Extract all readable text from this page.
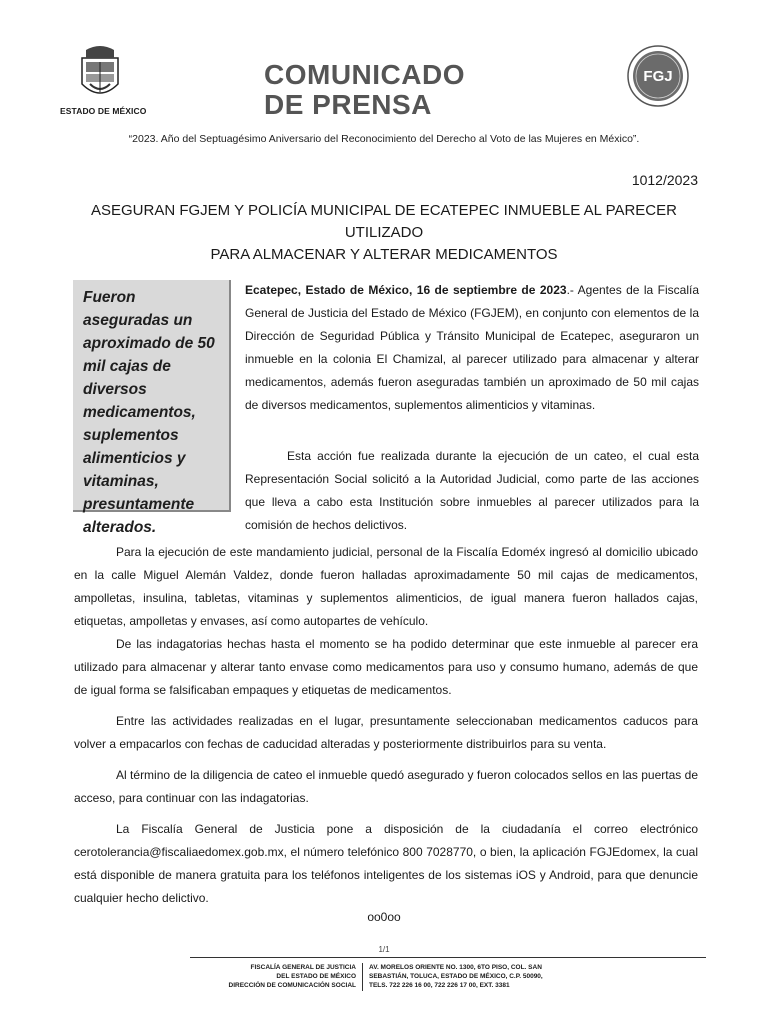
ESTADO DE MÉXICO
COMUNICADO
DE PRENSA
FGJ
“2023. Año del Septuagésimo Aniversario del Reconocimiento del Derecho al Voto de las Mujeres en México”.
1012/2023
ASEGURAN FGJEM Y POLICÍA MUNICIPAL DE ECATEPEC INMUEBLE AL PARECER UTILIZADO
PARA ALMACENAR Y ALTERAR MEDICAMENTOS
Fueron aseguradas un aproximado de 50 mil cajas de diversos medicamentos, suplementos alimenticios y vitaminas, presuntamente alterados.
Ecatepec, Estado de México, 16 de septiembre de 2023.- Agentes de la Fiscalía General de Justicia del Estado de México (FGJEM), en conjunto con elementos de la Dirección de Seguridad Pública y Tránsito Municipal de Ecatepec, aseguraron un inmueble en la colonia El Chamizal, al parecer utilizado para almacenar y alterar medicamentos, además fueron aseguradas también un aproximado de 50 mil cajas de diversos medicamentos, suplementos alimenticios y vitaminas.
Esta acción fue realizada durante la ejecución de un cateo, el cual esta Representación Social solicitó a la Autoridad Judicial, como parte de las acciones que lleva a cabo esta Institución sobre inmuebles al parecer utilizados para la comisión de hechos delictivos.
Para la ejecución de este mandamiento judicial, personal de la Fiscalía Edoméx ingresó al domicilio ubicado en la calle Miguel Alemán Valdez, donde fueron halladas aproximadamente 50 mil cajas de medicamentos, ampolletas, insulina, tabletas, vitaminas y suplementos alimenticios, de igual manera fueron hallados cajas, etiquetas, ampolletas y envases, así como autopartes de vehículo.
De las indagatorias hechas hasta el momento se ha podido determinar que este inmueble al parecer era utilizado para almacenar y alterar tanto envase como medicamentos para uso y consumo humano, además de que de igual forma se falsificaban empaques y etiquetas de medicamentos.
Entre las actividades realizadas en el lugar, presuntamente seleccionaban medicamentos caducos para volver a empacarlos con fechas de caducidad alteradas y posteriormente distribuirlos para su venta.
Al término de la diligencia de cateo el inmueble quedó asegurado y fueron colocados sellos en las puertas de acceso, para continuar con las indagatorias.
La Fiscalía General de Justicia pone a disposición de la ciudadanía el correo electrónico cerotolerancia@fiscaliaedomex.gob.mx, el número telefónico 800 7028770, o bien, la aplicación FGJEdomex, la cual está disponible de manera gratuita para los teléfonos inteligentes de los sistemas iOS y Android, para que denuncie cualquier hecho delictivo.
oo0oo
1/1
FISCALÍA GENERAL DE JUSTICIA
DEL ESTADO DE MÉXICO
DIRECCIÓN DE COMUNICACIÓN SOCIAL
AV. MORELOS ORIENTE NO. 1300, 6TO PISO, COL. SAN
SEBASTIÁN, TOLUCA, ESTADO DE MÉXICO, C.P. 50090,
TELS. 722 226 16 00, 722 226 17 00, EXT. 3381
